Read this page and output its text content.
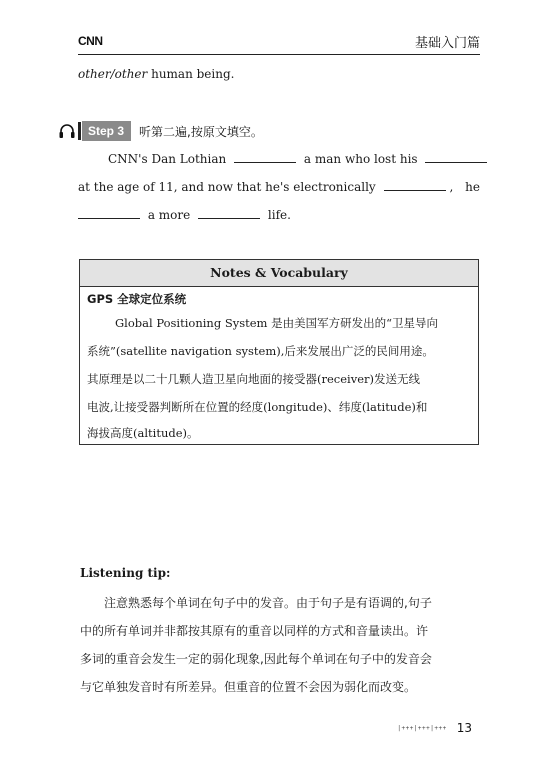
CNN	基础入门篇
other/other human being.
Step 3	听第二遍,按原文填空。
CNN's Dan Lothian	a man who lost his
at the age of 11, and now that he's electronically	, he
a more	life.
Notes & Vocabulary
GPS 全球定位系统
Global Positioning System 是由美国军方研发出的“卫星导向
系统”(satellite navigation system),后来发展出广泛的民间用途。
其原理是以二十几颗人造卫星向地面的接受器(receiver)发送无线
电波,让接受器判断所在位置的经度(longitude)、纬度(latitude)和
海拔高度(altitude)。
Listening tip:
注意熟悉每个单词在句子中的发音。由于句子是有语调的,句子
中的所有单词并非都按其原有的重音以同样的方式和音量读出。许
多词的重音会发生一定的弱化现象,因此每个单词在句子中的发音会
与它单独发音时有所差异。但重音的位置不会因为弱化而改变。
|+++|+++|+++ 13
